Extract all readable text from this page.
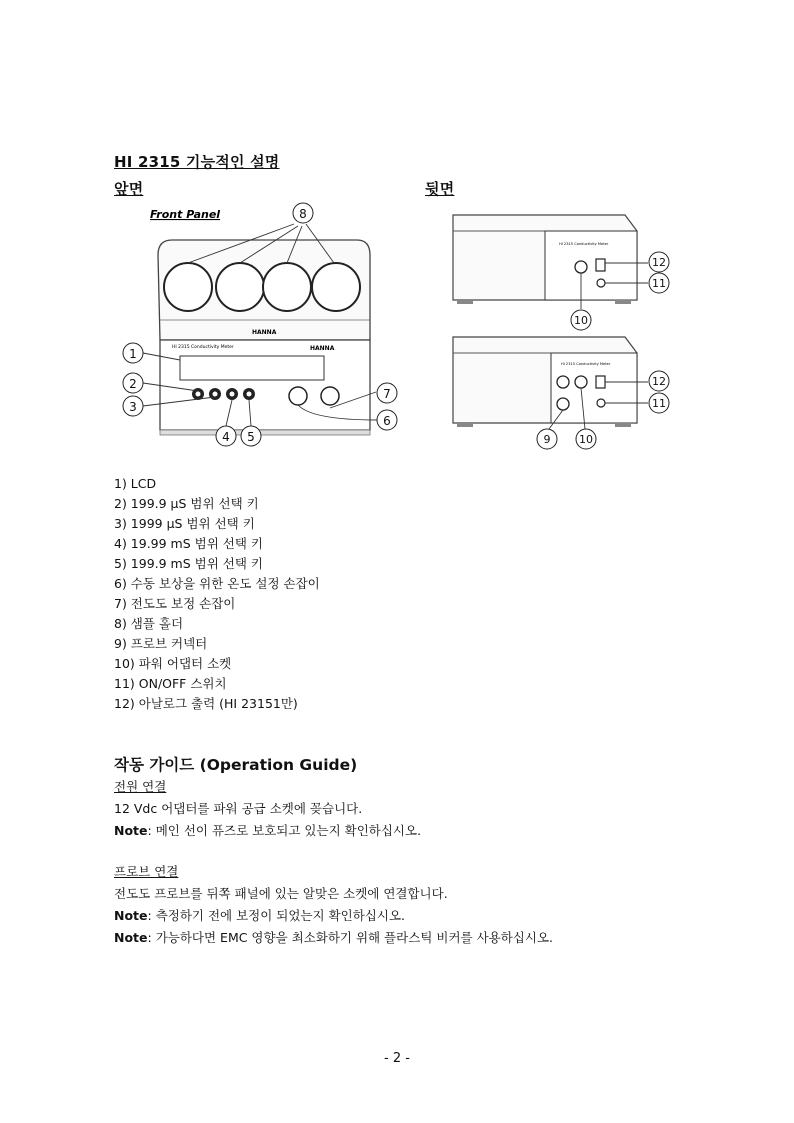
HI 2315 기능적인 설명
앞면	뒷면
Front Panel
HANNA
HI 2315 Conductivity Meter	HANNA
8
1
2
3
4 5
7
6
HI 2315 Conductivity Meter
HI 2315 Conductivity Meter
12
11
10
12
11
9	10
1) LCD
2) 199.9 μS 범위 선택 키
3) 1999 μS 범위 선택 키
4) 19.99 mS 범위 선택 키
5) 199.9 mS 범위 선택 키
6) 수동 보상을 위한 온도 설정 손잡이
7) 전도도 보정 손잡이
8) 샘플 홀더
9) 프로브 커넥터
10) 파워 어댑터 소켓
11) ON/OFF 스위치
12) 아날로그 출력 (HI 23151만)
작동 가이드 (Operation Guide)
전원 연결
12 Vdc 어댑터를 파워 공급 소켓에 꽂습니다.
Note: 메인 선이 퓨즈로 보호되고 있는지 확인하십시오.
프로브 연결
전도도 프로브를 뒤쪽 패널에 있는 알맞은 소켓에 연결합니다.
Note: 측정하기 전에 보정이 되었는지 확인하십시오.
Note: 가능하다면 EMC 영향을 최소화하기 위해 플라스틱 비커를 사용하십시오.
- 2 -
